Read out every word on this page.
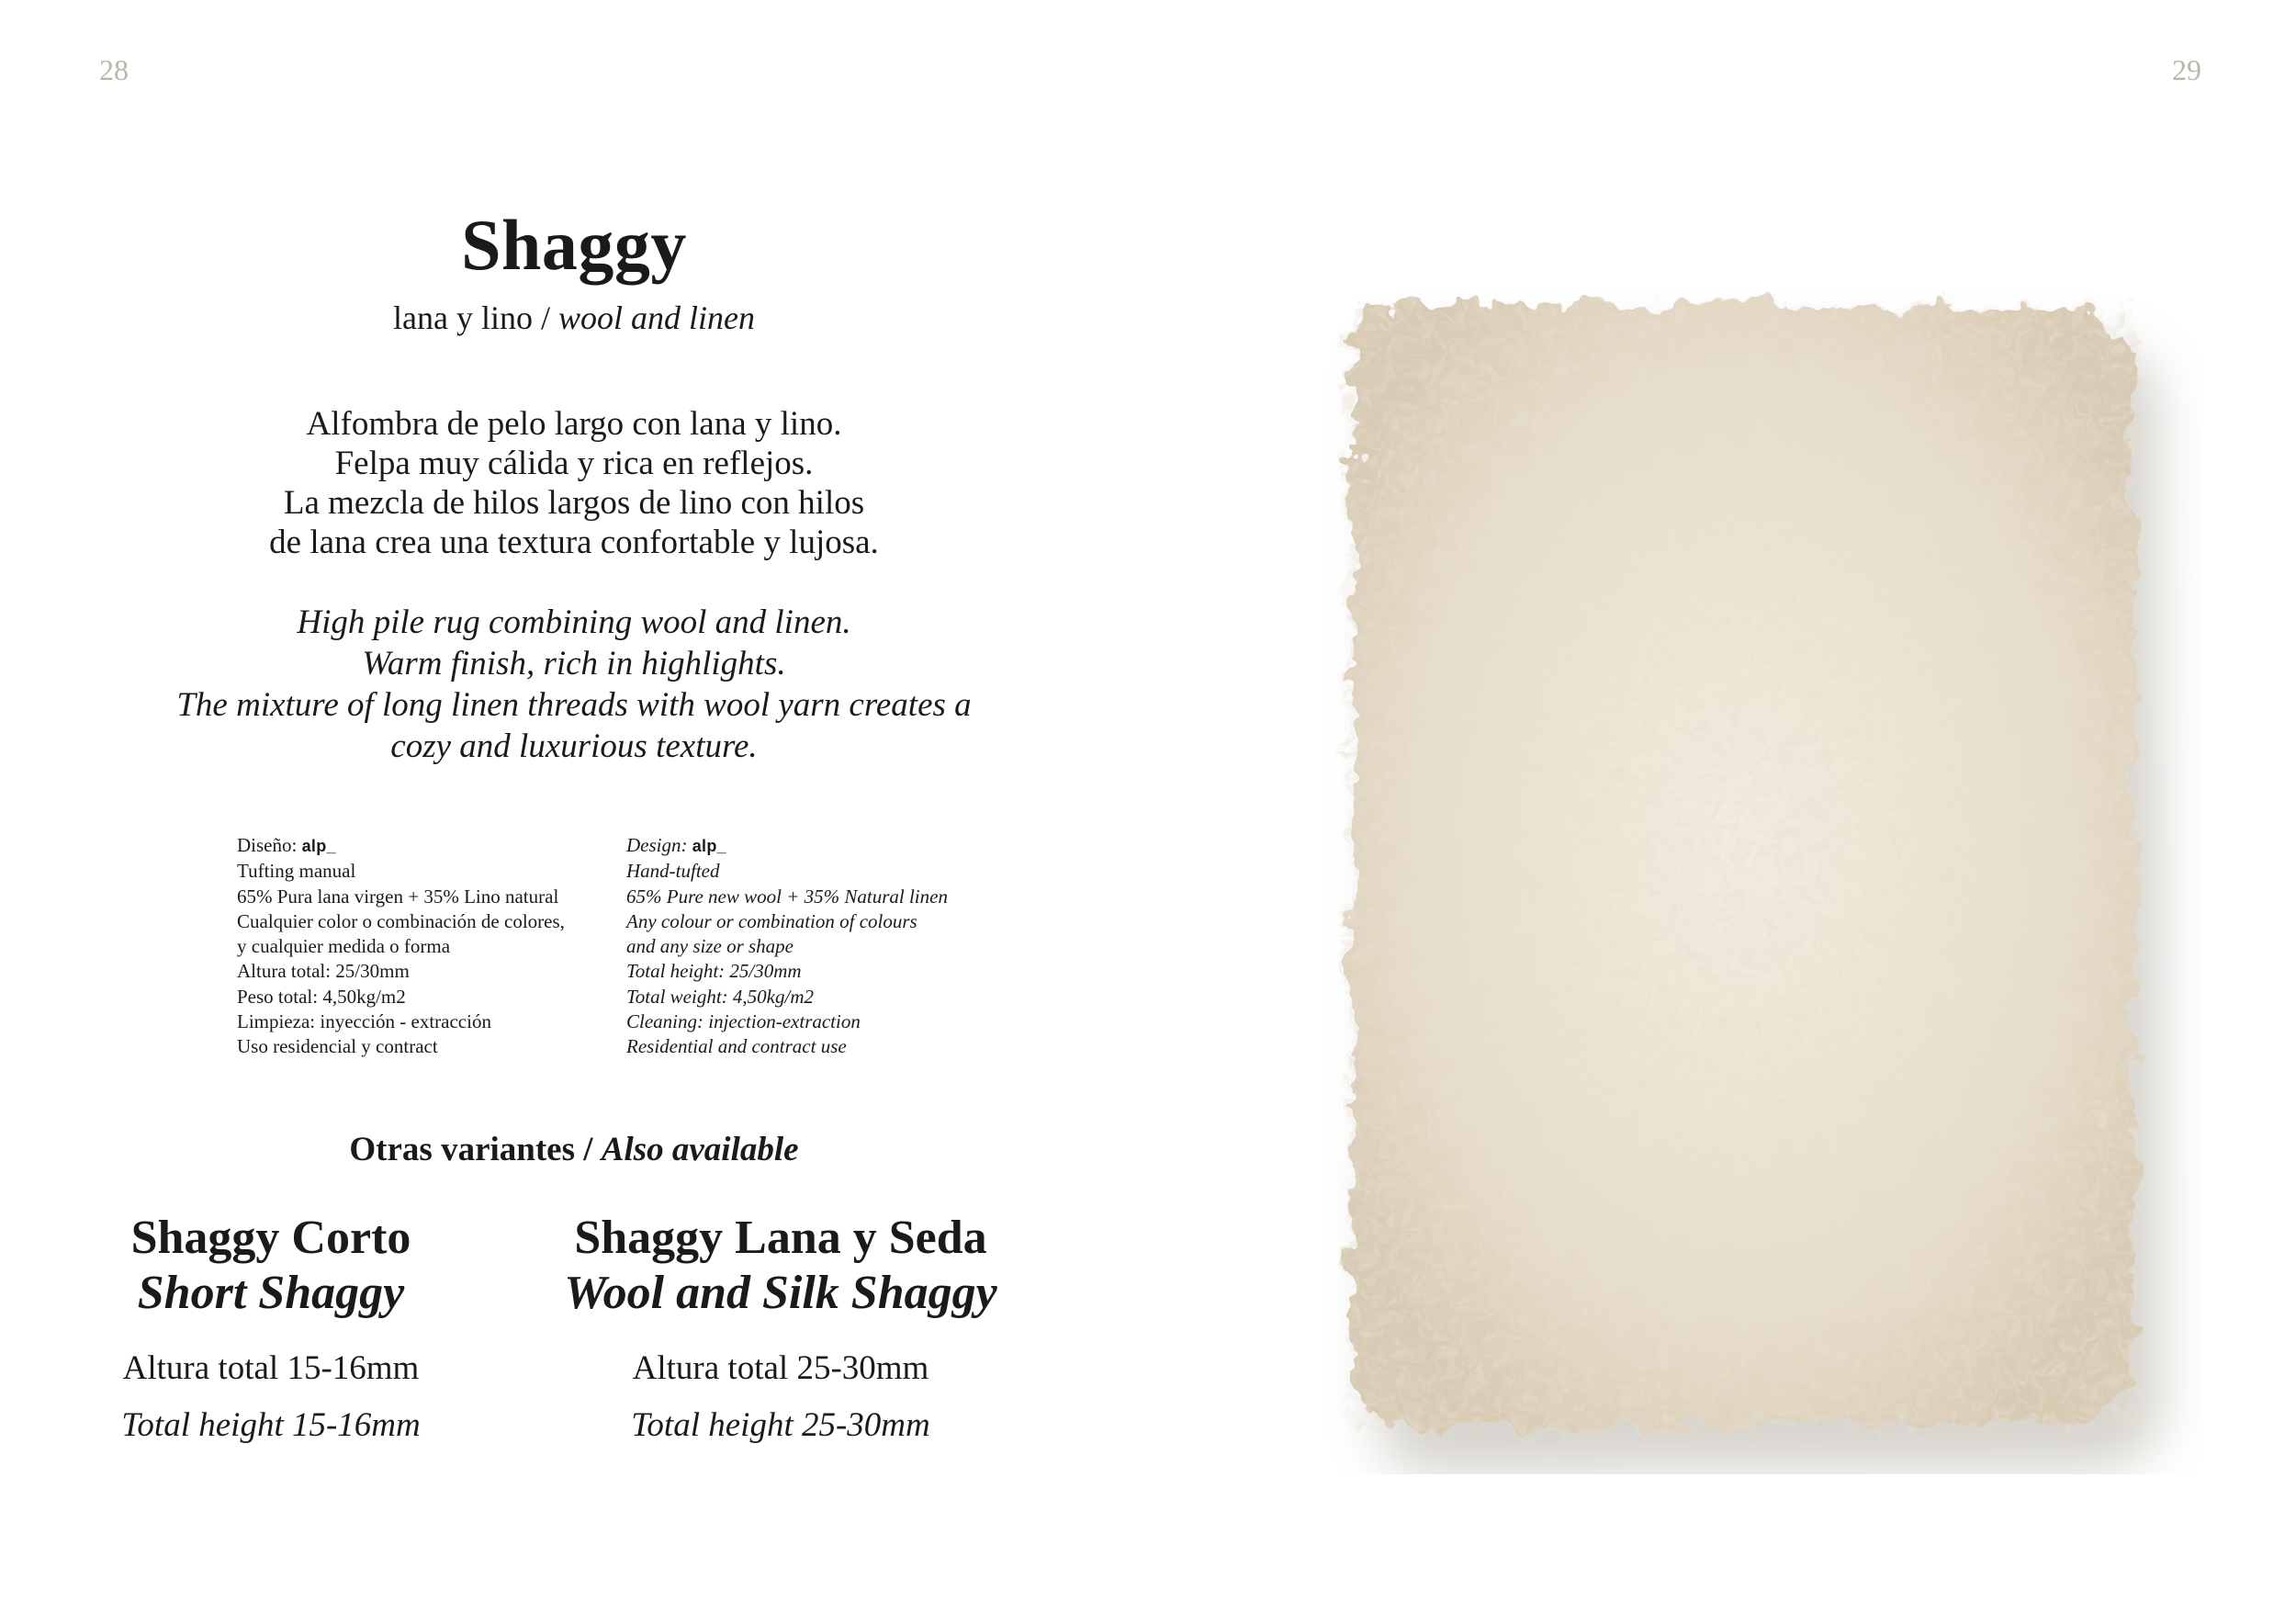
28	29
Shaggy
lana y lino / wool and linen
Alfombra de pelo largo con lana y lino.
Felpa muy cálida y rica en reflejos.
La mezcla de hilos largos de lino con hilos
de lana crea una textura confortable y lujosa.
High pile rug combining wool and linen.
Warm finish, rich in highlights.
The mixture of long linen threads with wool yarn creates a
cozy and luxurious texture.
Diseño: alp_
Tufting manual
65% Pura lana virgen + 35% Lino natural
Cualquier color o combinación de colores,
y cualquier medida o forma
Altura total: 25/30mm
Peso total: 4,50kg/m2
Limpieza: inyección - extracción
Uso residencial y contract
Design: alp_
Hand-tufted
65% Pure new wool + 35% Natural linen
Any colour or combination of colours
and any size or shape
Total height: 25/30mm
Total weight: 4,50kg/m2
Cleaning: injection-extraction
Residential and contract use
Otras variantes / Also available
Shaggy Corto
Short Shaggy
Altura total 15-16mm
Total height 15-16mm
Shaggy Lana y Seda
Wool and Silk Shaggy
Altura total 25-30mm
Total height 25-30mm
